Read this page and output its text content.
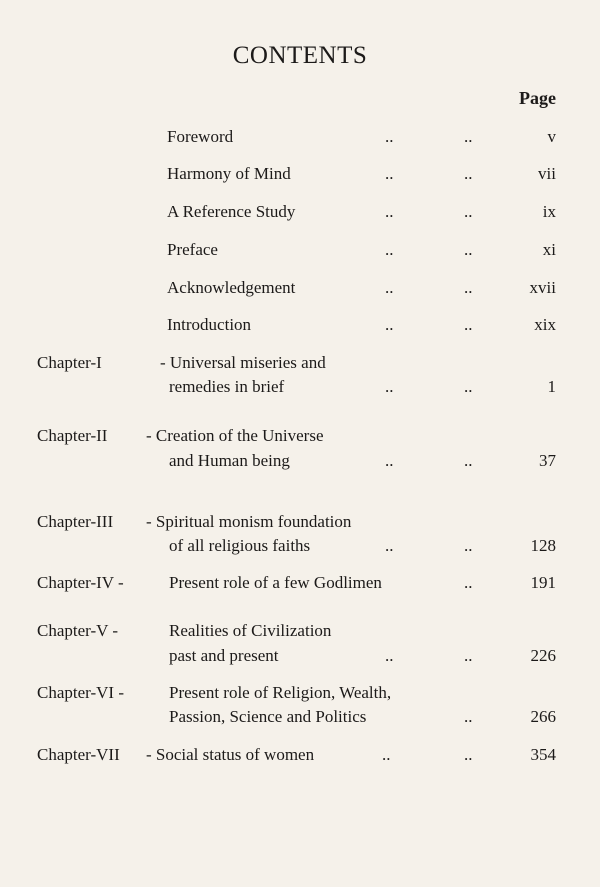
CONTENTS
Page
Foreword	..	..	v
Harmony of Mind	..	..	vii
A Reference Study	..	..	ix
Preface	..	..	xi
Acknowledgement	..	..	xvii
Introduction	..	..	xix
Chapter-I	- Universal miseries and
remedies in brief	..	..	1
Chapter-II - Creation of the Universe
and Human being	..	..	37
Chapter-III - Spiritual monism foundation
of all religious faiths	..	..	128
Chapter-IV -	Present role of a few Godlimen	..	191
Chapter-V -	Realities of Civilization
past and present	..	..	226
Chapter-VI -	Present role of Religion, Wealth,
Passion, Science and Politics	..	266
Chapter-VII - Social status of women	..	..	354
